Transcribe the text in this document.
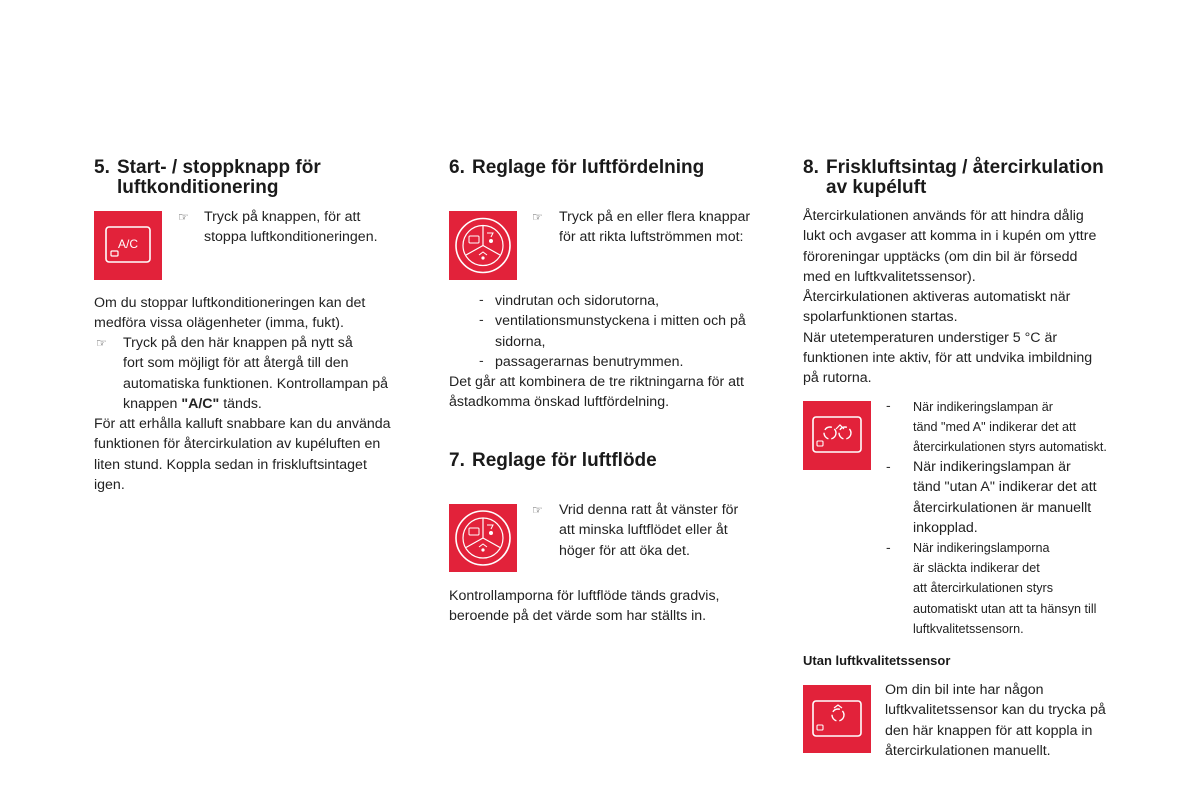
5. Start- / stoppknapp för
luftkonditionering
A/C
☞ Tryck på knappen, för att
stoppa luftkonditioneringen.
Om du stoppar luftkonditioneringen kan det
medföra vissa olägenheter (imma, fukt).
☞ Tryck på den här knappen på nytt så
fort som möjligt för att återgå till den
automatiska funktionen. Kontrollampan på
knappen "A/C" tänds.
För att erhålla kalluft snabbare kan du använda
funktionen för återcirkulation av kupéluften en
liten stund. Koppla sedan in friskluftsintaget
igen.
6. Reglage för luftfördelning
☞ Tryck på en eller flera knappar
för att rikta luftströmmen mot:
-
-
-
vindrutan och sidorutorna,
ventilationsmunstyckena i mitten och på
sidorna,
passagerarnas benutrymmen.
Det går att kombinera de tre riktningarna för att
åstadkomma önskad luftfördelning.
7. Reglage för luftflöde
☞ Vrid denna ratt åt vänster för
att minska luftflödet eller åt
höger för att öka det.
Kontrollamporna för luftflöde tänds gradvis,
beroende på det värde som har ställts in.
8. Friskluftsintag / återcirkulation
av kupéluft
Återcirkulationen används för att hindra dålig
lukt och avgaser att komma in i kupén om yttre
föroreningar upptäcks (om din bil är försedd
med en luftkvalitetssensor).
Återcirkulationen aktiveras automatiskt när
spolarfunktionen startas.
När utetemperaturen understiger 5 °C är
funktionen inte aktiv, för att undvika imbildning
på rutorna.
- När indikeringslampan är
tänd "med A" indikerar det att
återcirkulationen styrs automatiskt.
- När indikeringslampan är
tänd "utan A" indikerar det att
återcirkulationen är manuellt
inkopplad.
- När indikeringslamporna
är släckta indikerar det
att återcirkulationen styrs
automatiskt utan att ta hänsyn till
luftkvalitetssensorn.
Utan luftkvalitetssensor
Om din bil inte har någon
luftkvalitetssensor kan du trycka på
den här knappen för att koppla in
återcirkulationen manuellt.
